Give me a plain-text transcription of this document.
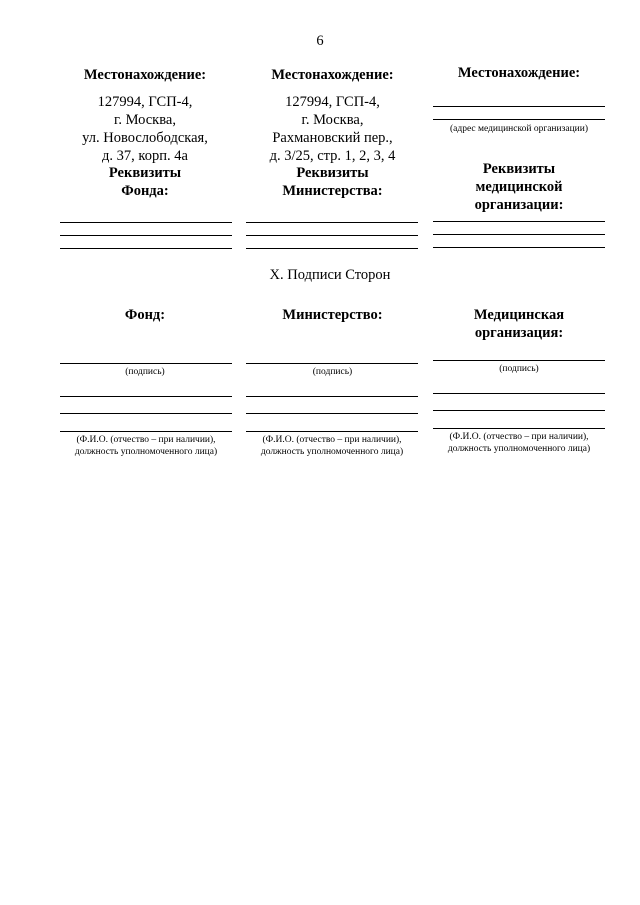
6
Местонахождение:
127994, ГСП-4,
г. Москва,
ул. Новослободская,
д. 37, корп. 4а
Реквизиты
Фонда:
Местонахождение:
127994, ГСП-4,
г. Москва,
Рахмановский пер.,
д. 3/25, стр. 1, 2, 3, 4
Реквизиты
Министерства:
Местонахождение:
(адрес медицинской организации)
Реквизиты
медицинской
организации:
X. Подписи Сторон
Фонд:
(подпись)
(Ф.И.О. (отчество – при наличии),
должность уполномоченного лица)
Министерство:
(подпись)
(Ф.И.О. (отчество – при наличии),
должность уполномоченного лица)
Медицинская
организация:
(подпись)
(Ф.И.О. (отчество – при наличии),
должность уполномоченного лица)
